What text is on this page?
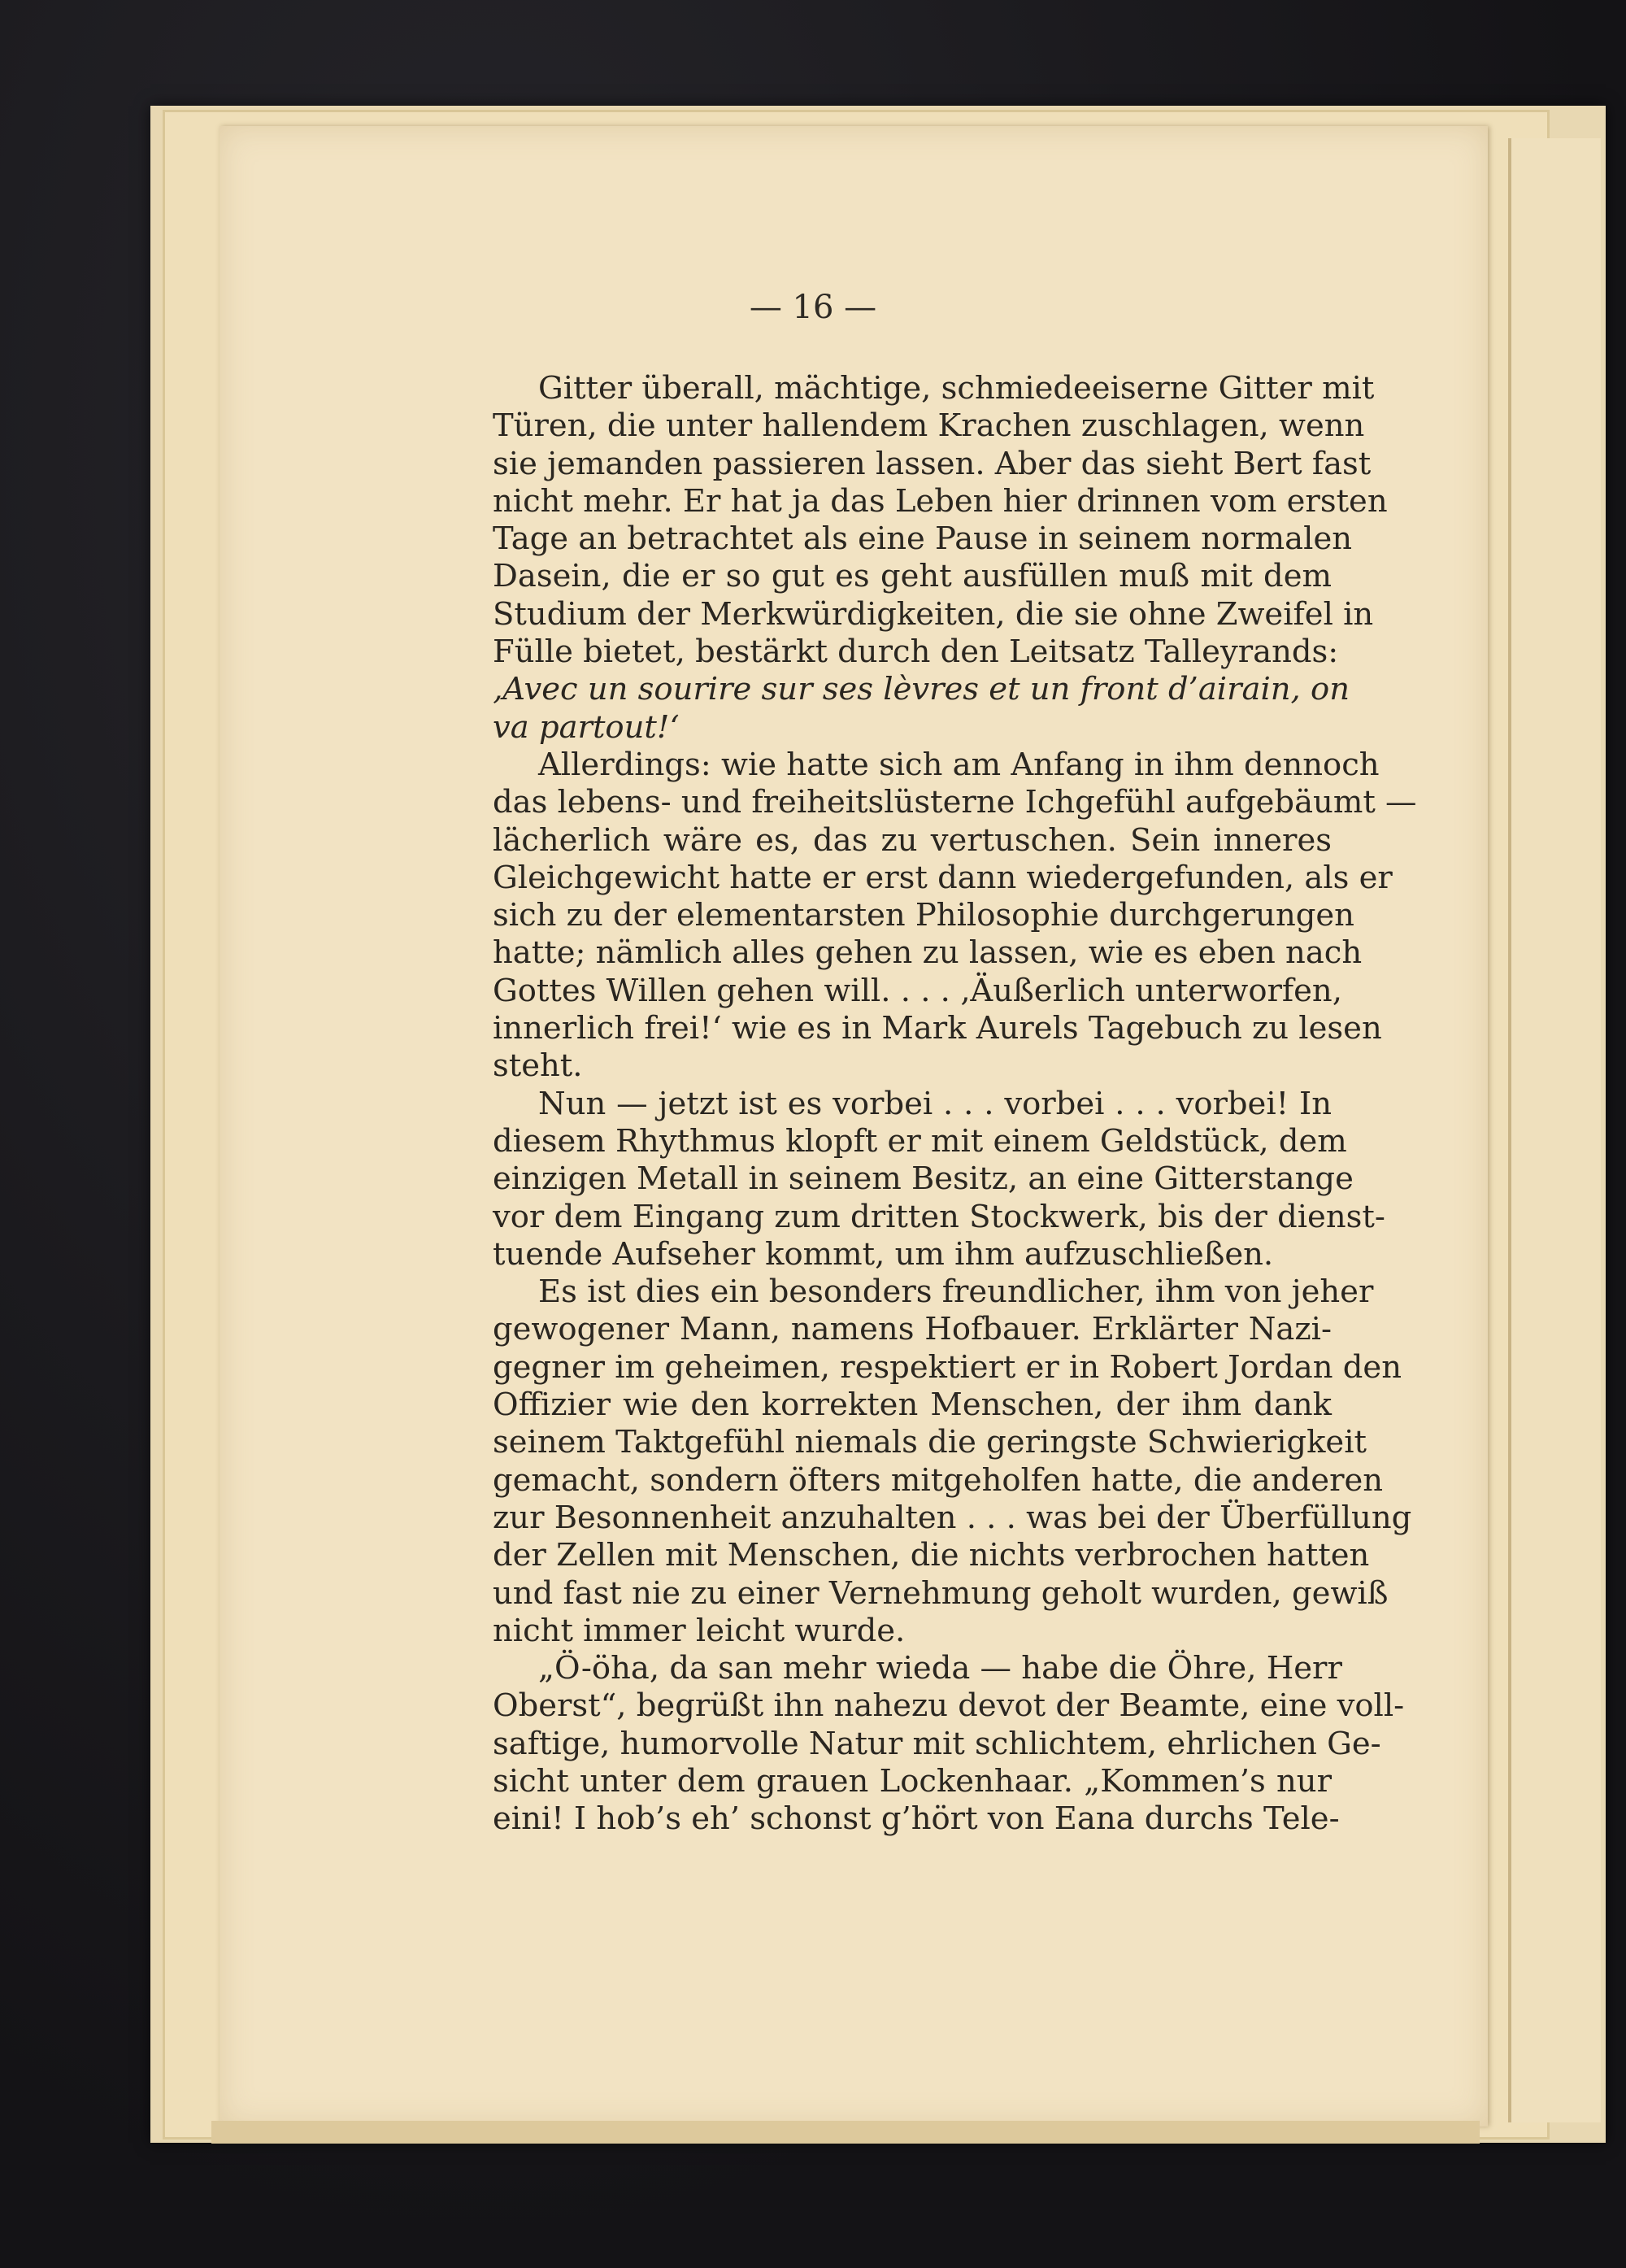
— 16 —
Gitter überall, mächtige, schmiedeeiserne Gitter mit
Türen, die unter hallendem Krachen zuschlagen, wenn
sie jemanden passieren lassen. Aber das sieht Bert fast
nicht mehr. Er hat ja das Leben hier drinnen vom ersten
Tage an betrachtet als eine Pause in seinem normalen
Dasein, die er so gut es geht ausfüllen muß mit dem
Studium der Merkwürdigkeiten, die sie ohne Zweifel in
Fülle bietet, bestärkt durch den Leitsatz Talleyrands:
‚Avec un sourire sur ses lèvres et un front d’airain, on
va partout!‘
Allerdings: wie hatte sich am Anfang in ihm dennoch
das lebens- und freiheitslüsterne Ichgefühl aufgebäumt —
lächerlich wäre es, das zu vertuschen. Sein inneres
Gleichgewicht hatte er erst dann wiedergefunden, als er
sich zu der elementarsten Philosophie durchgerungen
hatte; nämlich alles gehen zu lassen, wie es eben nach
Gottes Willen gehen will. . . . ‚Äußerlich unterworfen,
innerlich frei!‘ wie es in Mark Aurels Tagebuch zu lesen
steht.
Nun — jetzt ist es vorbei . . . vorbei . . . vorbei! In
diesem Rhythmus klopft er mit einem Geldstück, dem
einzigen Metall in seinem Besitz, an eine Gitterstange
vor dem Eingang zum dritten Stockwerk, bis der dienst-
tuende Aufseher kommt, um ihm aufzuschließen.
Es ist dies ein besonders freundlicher, ihm von jeher
gewogener Mann, namens Hofbauer. Erklärter Nazi-
gegner im geheimen, respektiert er in Robert Jordan den
Offizier wie den korrekten Menschen, der ihm dank
seinem Taktgefühl niemals die geringste Schwierigkeit
gemacht, sondern öfters mitgeholfen hatte, die anderen
zur Besonnenheit anzuhalten . . . was bei der Überfüllung
der Zellen mit Menschen, die nichts verbrochen hatten
und fast nie zu einer Vernehmung geholt wurden, gewiß
nicht immer leicht wurde.
„Ö-öha, da san mehr wieda — habe die Öhre, Herr
Oberst“, begrüßt ihn nahezu devot der Beamte, eine voll-
saftige, humorvolle Natur mit schlichtem, ehrlichen Ge-
sicht unter dem grauen Lockenhaar. „Kommen’s nur
eini! I hob’s eh’ schonst g’hört von Eana durchs Tele-
